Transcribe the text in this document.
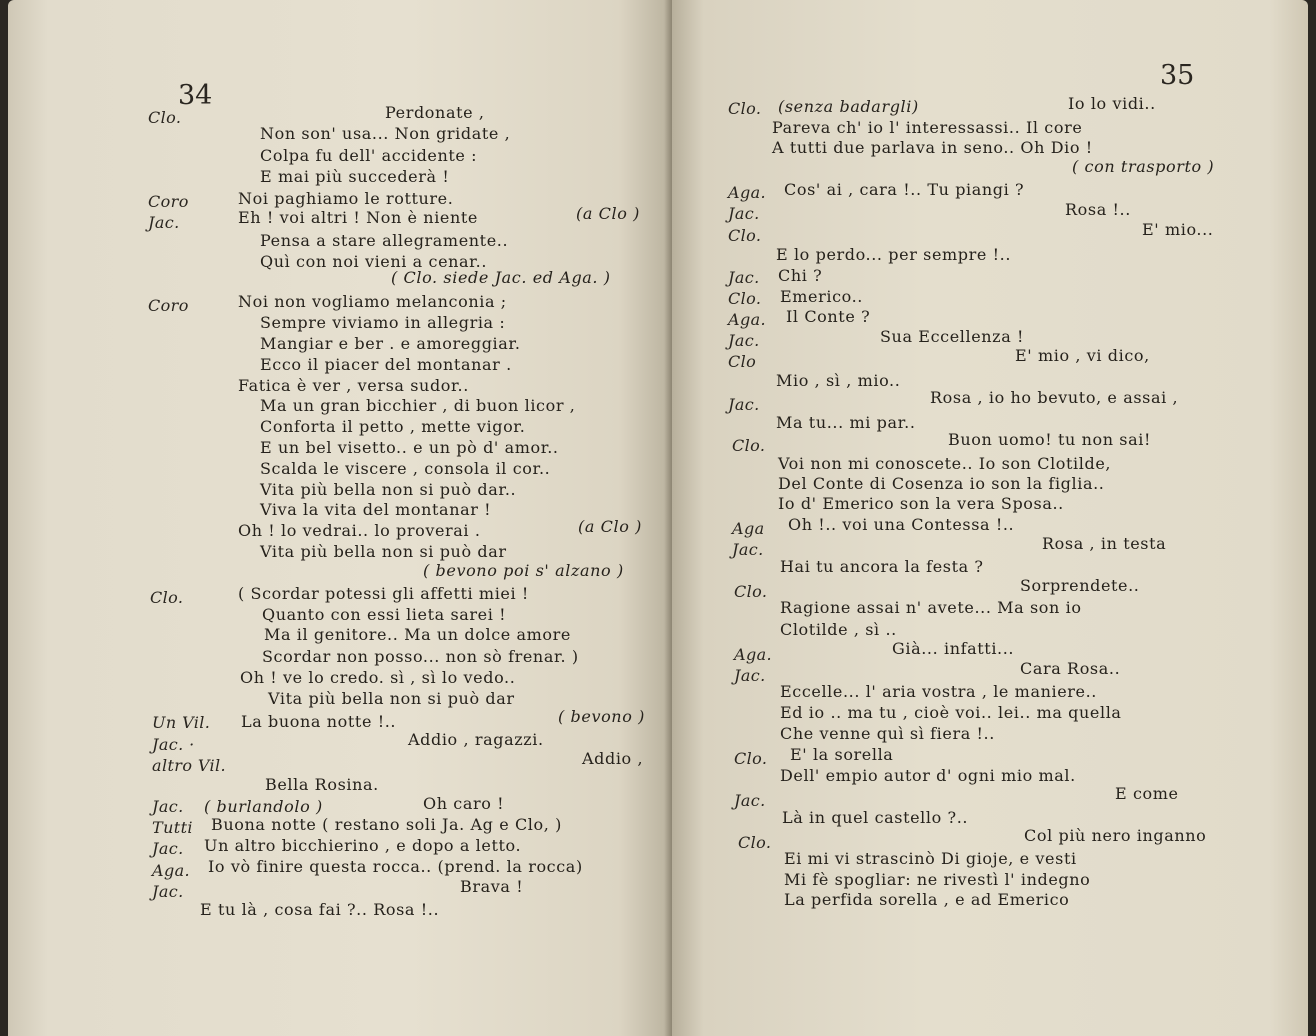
34
Clo.	Perdonate ,
Non son' usa... Non gridate ,
Colpa fu dell' accidente :
E mai più succederà !
Coro	Noi paghiamo le rotture.
Jac.	Eh ! voi altri ! Non è niente	(a Clo )
Pensa a stare allegramente..
Quì con noi vieni a cenar..
( Clo. siede Jac. ed Aga. )
Coro	Noi non vogliamo melanconia ;
Sempre viviamo in allegria :
Mangiar e ber . e amoreggiar.
Ecco il piacer del montanar .
Fatica è ver , versa sudor..
Ma un gran bicchier , di buon licor ,
Conforta il petto , mette vigor.
E un bel visetto.. e un pò d' amor..
Scalda le viscere , consola il cor..
Vita più bella non si può dar..
Viva la vita del montanar !
Oh ! lo vedrai.. lo proverai .	(a Clo )
Vita più bella non si può dar
( bevono poi s' alzano )
Clo.	( Scordar potessi gli affetti miei !
Quanto con essi lieta sarei !
Ma il genitore.. Ma un dolce amore
Scordar non posso... non sò frenar. )
Oh ! ve lo credo. sì , sì lo vedo..
Vita più bella non si può dar
Un Vil. La buona notte !..	( bevono )
Jac. ·	Addio , ragazzi.
altro Vil.	Addio ,
Bella Rosina.
Jac. ( burlandolo )	Oh caro !
Tutti Buona notte ( restano soli Ja. Ag e Clo, )
Jac. Un altro bicchierino , e dopo a letto.
Aga. Io vò finire questa rocca.. (prend. la rocca)
Jac.	Brava !
E tu là , cosa fai ?.. Rosa !..
35
Clo. (senza badargli)	Io lo vidi..
Pareva ch' io l' interessassi.. Il core
A tutti due parlava in seno.. Oh Dio !
( con trasporto )
Aga. Cos' ai , cara !.. Tu piangi ?
Jac.	Rosa !..
Clo.	E' mio...
E lo perdo... per sempre !..
Jac. Chi ?
Clo. Emerico..
Aga. Il Conte ?
Jac.	Sua Eccellenza !
Clo	E' mio , vi dico,
Mio , sì , mio..
Jac.	Rosa , io ho bevuto, e assai ,
Ma tu... mi par..
Clo.	Buon uomo! tu non sai!
Voi non mi conoscete.. Io son Clotilde,
Del Conte di Cosenza io son la figlia..
Io d' Emerico son la vera Sposa..
Aga Oh !.. voi una Contessa !..
Jac.	Rosa , in testa
Hai tu ancora la festa ?
Clo.	Sorprendete..
Ragione assai n' avete... Ma son io
Clotilde , sì ..
Aga.	Già... infatti...
Jac.	Cara Rosa..
Eccelle... l' aria vostra , le maniere..
Ed io .. ma tu , cioè voi.. lei.. ma quella
Che venne quì sì fiera !..
Clo. E' la sorella
Dell' empio autor d' ogni mio mal.
Jac.	E come
Là in quel castello ?..
Clo.	Col più nero inganno
Ei mi vi strascinò Di gioje, e vesti
Mi fè spogliar: ne rivestì l' indegno
La perfida sorella , e ad Emerico
